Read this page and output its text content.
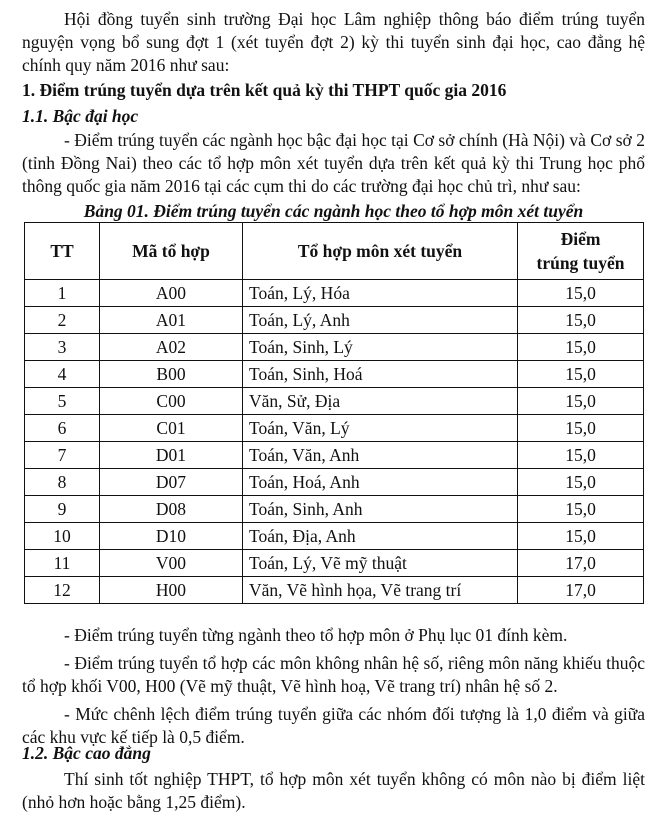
Hội đồng tuyển sinh trường Đại học Lâm nghiệp thông báo điểm trúng tuyển nguyện vọng bổ sung đợt 1 (xét tuyển đợt 2) kỳ thi tuyển sinh đại học, cao đẳng hệ chính quy năm 2016 như sau:

1. Điểm trúng tuyển dựa trên kết quả kỳ thi THPT quốc gia 2016

1.1. Bậc đại học

- Điểm trúng tuyển các ngành học bậc đại học tại Cơ sở chính (Hà Nội) và Cơ sở 2 (tỉnh Đồng Nai) theo các tổ hợp môn xét tuyển dựa trên kết quả kỳ thi Trung học phổ thông quốc gia năm 2016 tại các cụm thi do các trường đại học chủ trì, như sau:

Bảng 01. Điểm trúng tuyển các ngành học theo tổ hợp môn xét tuyển

TT	Mã tổ hợp	Tổ hợp môn xét tuyển	Điểm
trúng tuyển

1	A00	Toán, Lý, Hóa	15,0
2	A01	Toán, Lý, Anh	15,0
3	A02	Toán, Sinh, Lý	15,0
4	B00	Toán, Sinh, Hoá	15,0
5	C00	Văn, Sử, Địa	15,0
6	C01	Toán, Văn, Lý	15,0
7	D01	Toán, Văn, Anh	15,0
8	D07	Toán, Hoá, Anh	15,0
9	D08	Toán, Sinh, Anh	15,0
10	D10	Toán, Địa, Anh	15,0
11	V00	Toán, Lý, Vẽ mỹ thuật	17,0
12	H00	Văn, Vẽ hình họa, Vẽ trang trí	17,0

- Điểm trúng tuyển từng ngành theo tổ hợp môn ở Phụ lục 01 đính kèm.

- Điểm trúng tuyển tổ hợp các môn không nhân hệ số, riêng môn năng khiếu thuộc tổ hợp khối V00, H00 (Vẽ mỹ thuật, Vẽ hình hoạ, Vẽ trang trí) nhân hệ số 2.

- Mức chênh lệch điểm trúng tuyển giữa các nhóm đối tượng là 1,0 điểm và giữa các khu vực kế tiếp là 0,5 điểm.

1.2. Bậc cao đẳng

Thí sinh tốt nghiệp THPT, tổ hợp môn xét tuyển không có môn nào bị điểm liệt (nhỏ hơn hoặc bằng 1,25 điểm).
